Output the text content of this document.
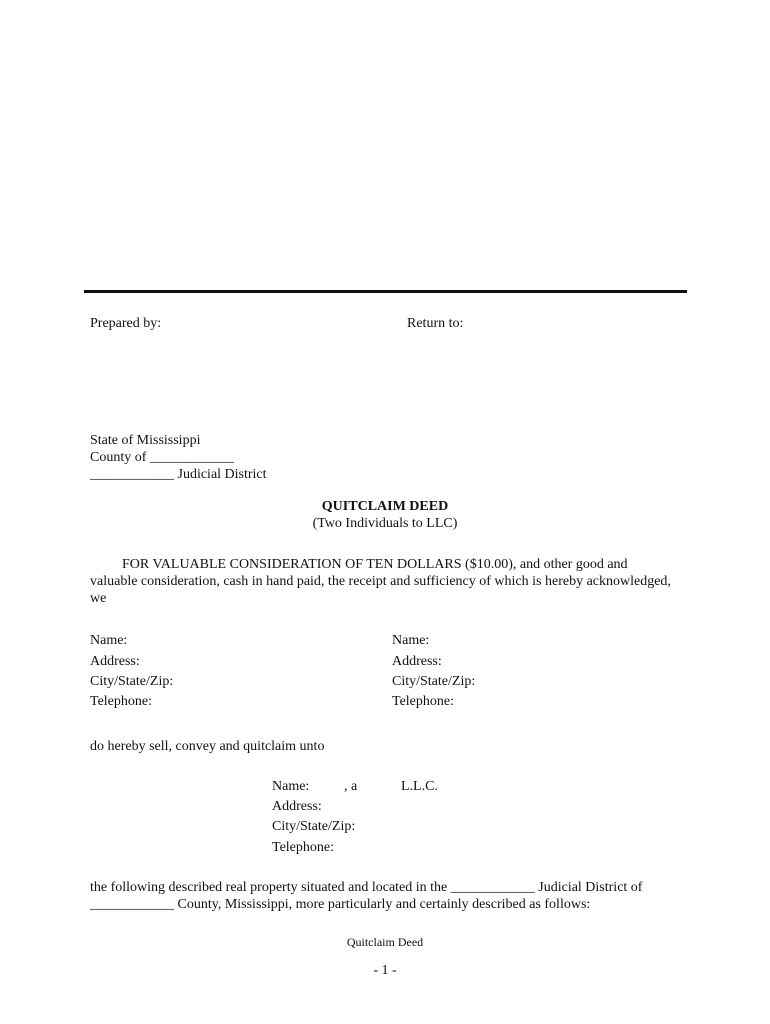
Prepared by:	Return to:
State of Mississippi
County of ____________
____________ Judicial District
QUITCLAIM DEED
(Two Individuals to LLC)
FOR VALUABLE CONSIDERATION OF TEN DOLLARS ($10.00), and other good and
valuable consideration, cash in hand paid, the receipt and sufficiency of which is hereby acknowledged,
we
Name:
Address:
City/State/Zip:
Telephone:
Name:
Address:
City/State/Zip:
Telephone:
do hereby sell, convey and quitclaim unto
Name: , a	L.L.C.
Address:
City/State/Zip:
Telephone:
the following described real property situated and located in the ____________ Judicial District of
____________ County, Mississippi, more particularly and certainly described as follows:
Quitclaim Deed
- 1 -
